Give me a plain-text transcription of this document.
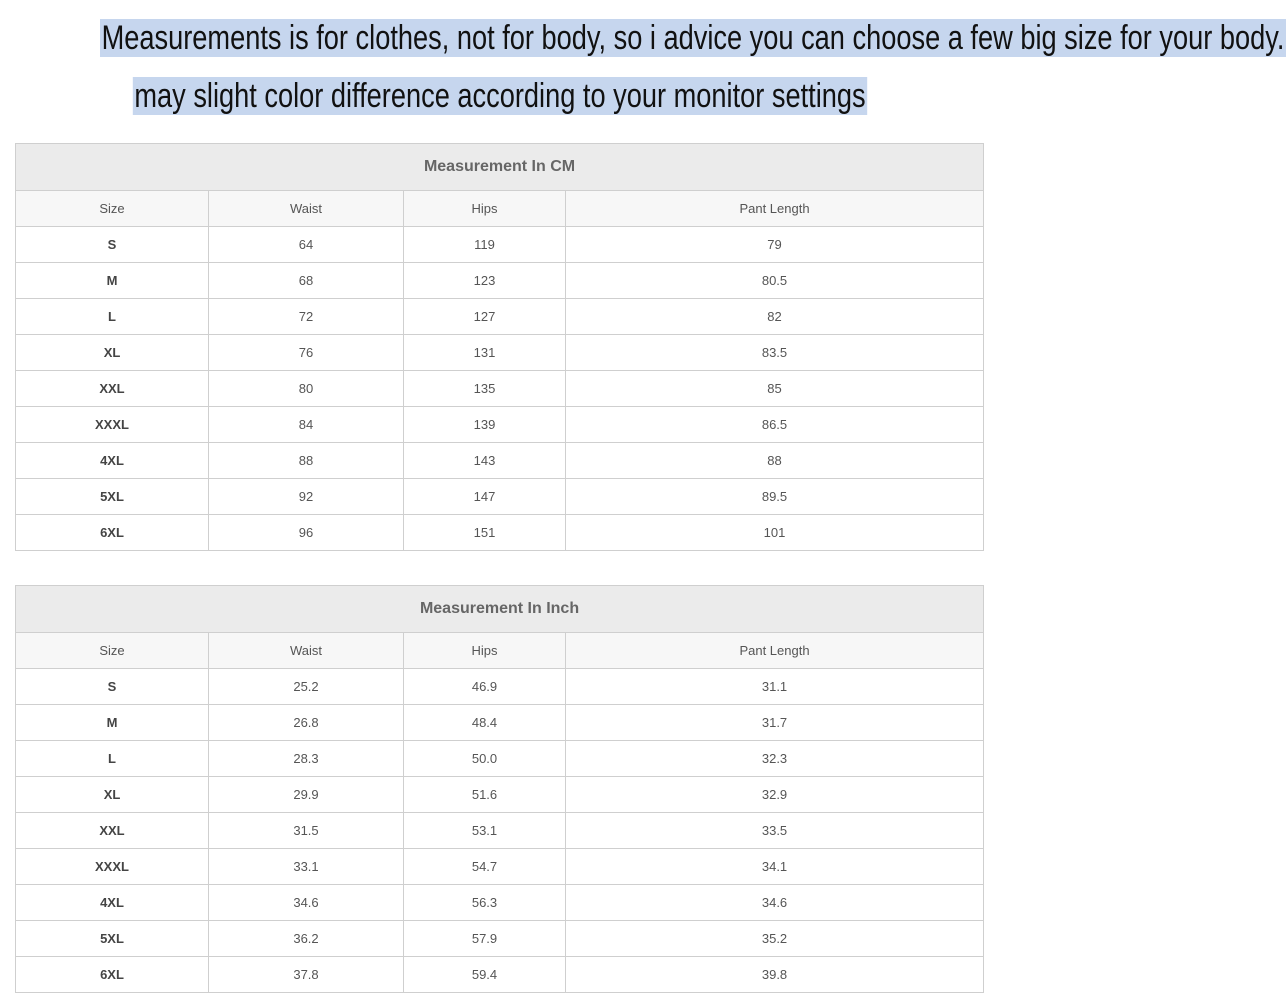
Measurements is for clothes, not for body, so i advice you can choose a few big size for your body.
may slight color difference according to your monitor settings
Measurement In CM			
Size	Waist	Hips	Pant Length
S	64	119	79
M	68	123	80.5
L	72	127	82
XL	76	131	83.5
XXL	80	135	85
XXXL	84	139	86.5
4XL	88	143	88
5XL	92	147	89.5
6XL	96	151	101
Measurement In Inch			
Size	Waist	Hips	Pant Length
S	25.2	46.9	31.1
M	26.8	48.4	31.7
L	28.3	50.0	32.3
XL	29.9	51.6	32.9
XXL	31.5	53.1	33.5
XXXL	33.1	54.7	34.1
4XL	34.6	56.3	34.6
5XL	36.2	57.9	35.2
6XL	37.8	59.4	39.8
